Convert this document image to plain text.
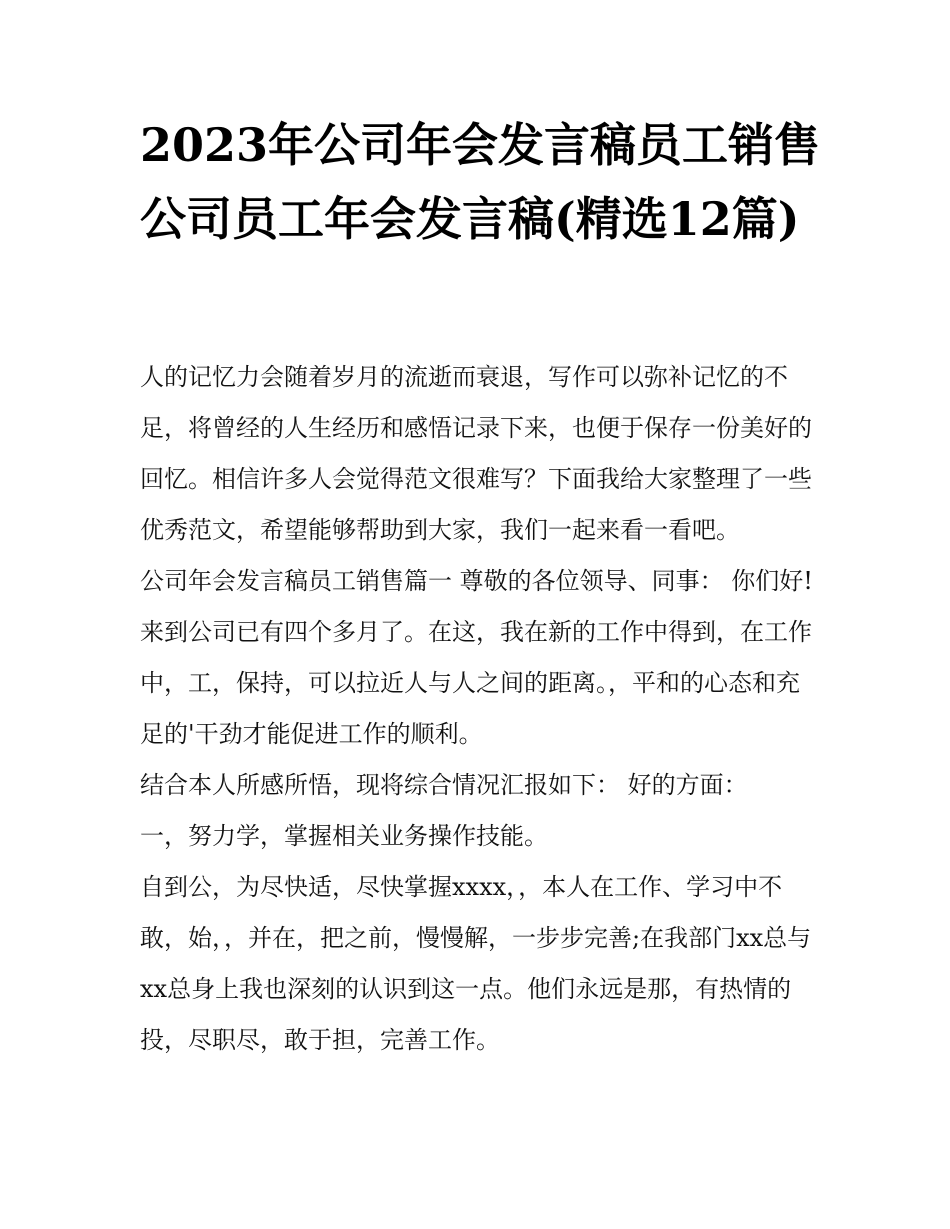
2023年公司年会发言稿员工销售 公司员工年会发言稿(精选12篇)

人的记忆力会随着岁月的流逝而衰退，写作可以弥补记忆的不足，将曾经的人生经历和感悟记录下来，也便于保存一份美好的回忆。相信许多人会觉得范文很难写？下面我给大家整理了一些优秀范文，希望能够帮助到大家，我们一起来看一看吧。

公司年会发言稿员工销售篇一 尊敬的各位领导、同事： 你们好!

来到公司已有四个多月了。在这，我在新的工作中得到，在工作中，工，保持，可以拉近人与人之间的距离。，平和的心态和充足的'干劲才能促进工作的顺利。

结合本人所感所悟，现将综合情况汇报如下： 好的方面：

一，努力学，掌握相关业务操作技能。

自到公，为尽快适，尽快掌握xxxx，，本人在工作、学习中不敢，始，，并在，把之前，慢慢解，一步步完善;在我部门xx总与xx总身上我也深刻的认识到这一点。他们永远是那，有热情的投，尽职尽，敢于担，完善工作。
